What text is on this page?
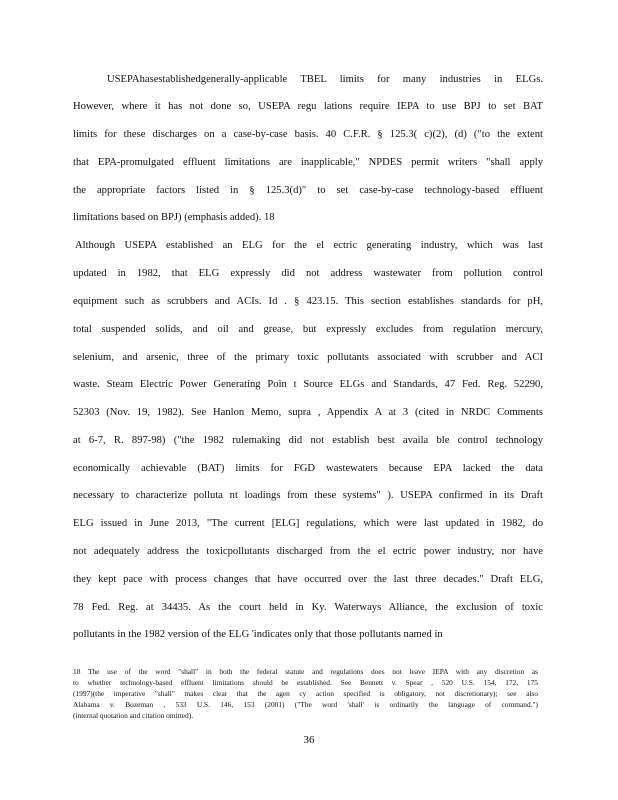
USEPAhasestablishedgenerally-applicable TBEL limits for many industries in ELGs.
However, where it has not done so, USEPA regu lations require IEPA to use BPJ to set BAT
limits for these discharges on a case-by-case basis. 40 C.F.R. § 125.3( c)(2), (d) ("to the extent
that EPA-promulgated effluent limitations are inapplicable," NPDES permit writers "shall apply
the appropriate factors listed in § 125.3(d)" to set case-by-case technology-based effluent
limitations based on BPJ) (emphasis added). 18
Although USEPA established an ELG for the el ectric generating industry, which was last
updated in 1982, that ELG expressly did not address wastewater from pollution control
equipment such as scrubbers and ACIs. Id . § 423.15. This section establishes standards for pH,
total suspended solids, and oil and grease, but expressly excludes from regulation mercury,
selenium, and arsenic, three of the primary toxic pollutants associated with scrubber and ACI
waste. Steam Electric Power Generating Poin t Source ELGs and Standards, 47 Fed. Reg. 52290,
52303 (Nov. 19, 1982). See Hanlon Memo, supra , Appendix A at 3 (cited in NRDC Comments
at 6-7, R. 897-98) ("the 1982 rulemaking did not establish best availa ble control technology
economically achievable (BAT) limits for FGD wastewaters because EPA lacked the data
necessary to characterize polluta nt loadings from these systems" ). USEPA confirmed in its Draft
ELG issued in June 2013, "The current [ELG] regulations, which were last updated in 1982, do
not adequately address the toxicpollutants discharged from the el ectric power industry, nor have
they kept pace with process changes that have occurred over the last three decades." Draft ELG,
78 Fed. Reg. at 34435. As the court held in Ky. Waterways Alliance, the exclusion of toxic
pollutants in the 1982 version of the ELG 'indicates only that those pollutants named in
18 The use of the word "shall" in both the federal statute and regulations does not leave IEPA with any discretion as
to whether technology-based effluent limitations should be established. See Bennett v. Spear , 520 U.S. 154, 172, 175
(1997)(the imperative "shall" makes clear that the agen cy action specified is obligatory, not discretionary); see also
Alabama v. Bozeman , 533 U.S. 146, 153 (2001) ("The word 'shall' is ordinarily the language of command.")
(internal quotation and citation omitted).
36
